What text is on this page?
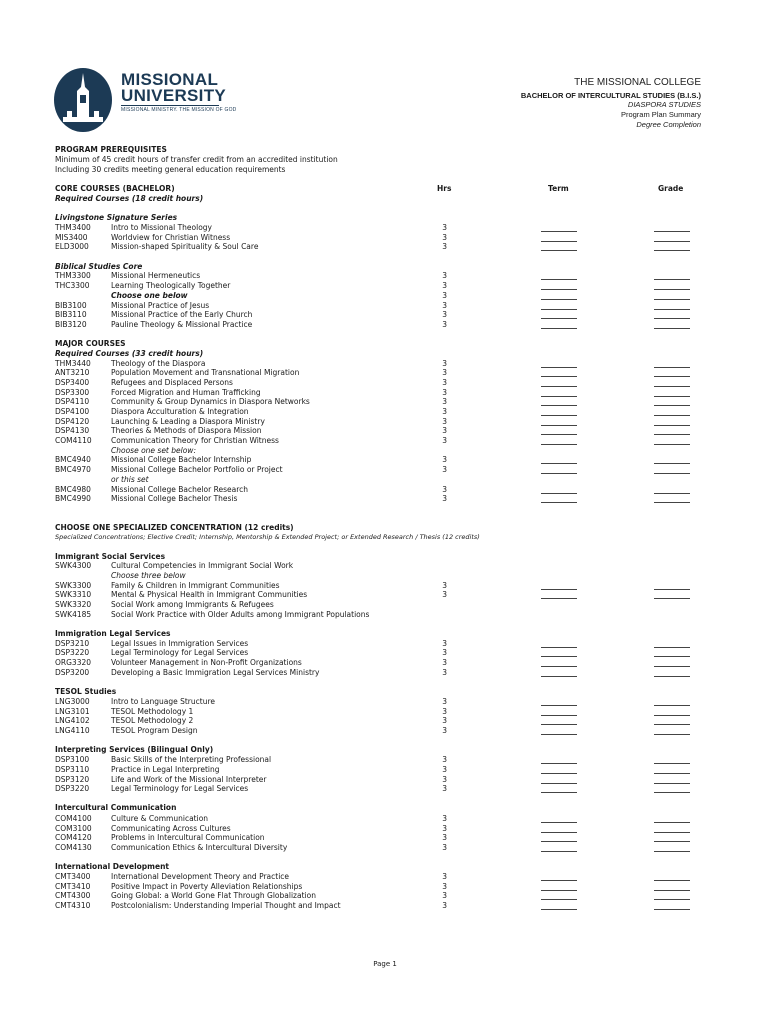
MISSIONAL
UNIVERSITY
MISSIONAL MINISTRY. THE MISSION OF GOD
THE MISSIONAL COLLEGE
BACHELOR OF INTERCULTURAL STUDIES (B.I.S.)
DIASPORA STUDIES
Program Plan Summary
Degree Completion
PROGRAM PREREQUISITES
Minimum of 45 credit hours of transfer credit from an accredited institution
Including 30 credits meeting general education requirements
CORE COURSES (BACHELOR)
Required Courses (18 credit hours)
Hrs	Term	Grade
Livingstone Signature Series
Biblical Studies Core
MAJOR COURSES
Required Courses (33 credit hours)
CHOOSE ONE SPECIALIZED CONCENTRATION (12 credits)
Specialized Concentrations; Elective Credit; Internship, Mentorship & Extended Project; or Extended Research / Thesis (12 credits)
Immigrant Social Services
Immigration Legal Services
TESOL Studies
Interpreting Services (Bilingual Only)
Intercultural Communication
International Development
THM3400	Intro to Missional Theology	3
MIS3400	Worldview for Christian Witness	3
ELD3000	Mission-shaped Spirituality & Soul Care	3
THM3300	Missional Hermeneutics	3
THC3300	Learning Theologically Together	3
Choose one below	3
BIB3100	Missional Practice of Jesus	3
BIB3110	Missional Practice of the Early Church	3
BIB3120	Pauline Theology & Missional Practice	3
THM3440	Theology of the Diaspora	3
ANT3210	Population Movement and Transnational Migration	3
DSP3400	Refugees and Displaced Persons	3
DSP3300	Forced Migration and Human Trafficking	3
DSP4110	Community & Group Dynamics in Diaspora Networks	3
DSP4100	Diaspora Acculturation & Integration	3
DSP4120	Launching & Leading a Diaspora Ministry	3
DSP4130	Theories & Methods of Diaspora Mission	3
COM4110	Communication Theory for Christian Witness	3
Choose one set below:
BMC4940	Missional College Bachelor Internship	3
BMC4970	Missional College Bachelor Portfolio or Project	3
or this set
BMC4980	Missional College Bachelor Research	3
BMC4990	Missional College Bachelor Thesis	3
SWK4300	Cultural Competencies in Immigrant Social Work
Choose three below
SWK3300	Family & Children in Immigrant Communities	3
SWK3310	Mental & Physical Health in Immigrant Communities	3
SWK3320	Social Work among Immigrants & Refugees
SWK4185	Social Work Practice with Older Adults among Immigrant Populations
DSP3210	Legal Issues in Immigration Services	3
DSP3220	Legal Terminology for Legal Services	3
ORG3320	Volunteer Management in Non-Profit Organizations	3
DSP3200	Developing a Basic Immigration Legal Services Ministry	3
LNG3000	Intro to Language Structure	3
LNG3101	TESOL Methodology 1	3
LNG4102	TESOL Methodology 2	3
LNG4110	TESOL Program Design	3
DSP3100	Basic Skills of the Interpreting Professional	3
DSP3110	Practice in Legal Interpreting	3
DSP3120	Life and Work of the Missional Interpreter	3
DSP3220	Legal Terminology for Legal Services	3
COM4100	Culture & Communication	3
COM3100	Communicating Across Cultures	3
COM4120	Problems in Intercultural Communication	3
COM4130	Communication Ethics & Intercultural Diversity	3
CMT3400	International Development Theory and Practice	3
CMT3410	Positive Impact in Poverty Alleviation Relationships	3
CMT4300	Going Global: a World Gone Flat Through Globalization	3
CMT4310	Postcolonialism: Understanding Imperial Thought and Impact	3
Page 1
